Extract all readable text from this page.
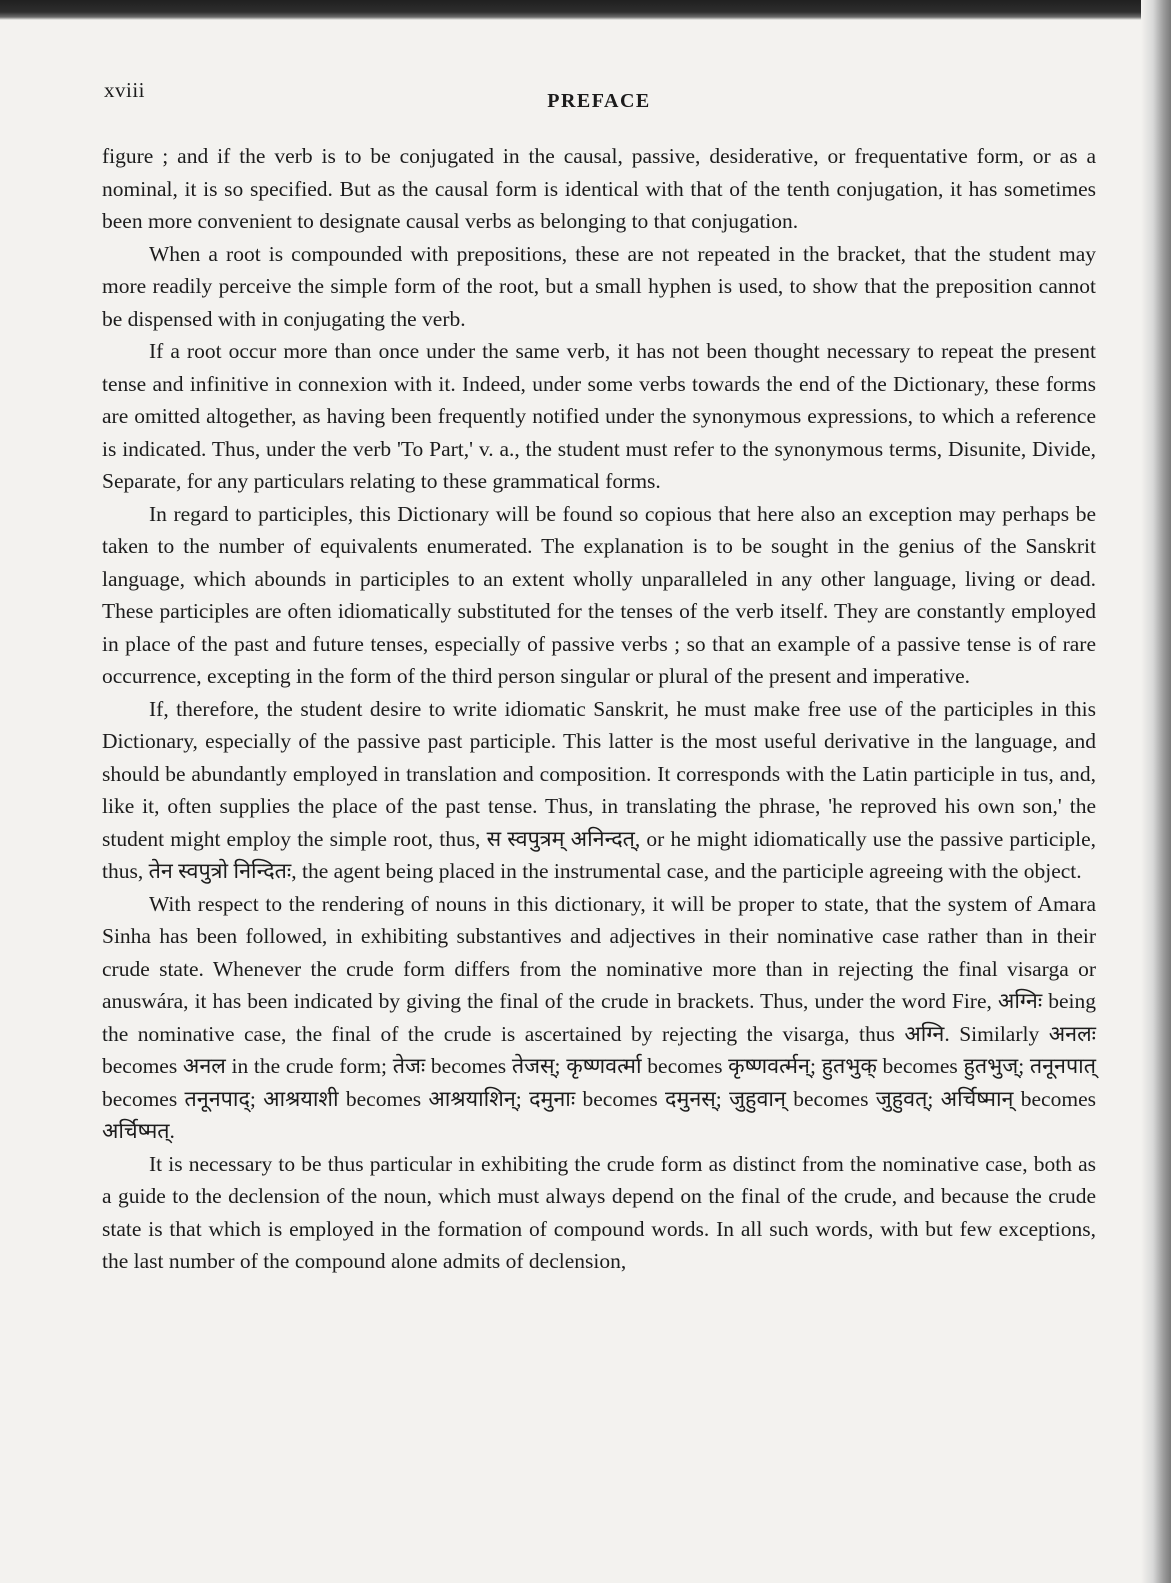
xviii	PREFACE

figure ; and if the verb is to be conjugated in the causal, passive, desiderative, or frequentative form, or as a nominal, it is so specified. But as the causal form is identical with that of the tenth conjugation, it has sometimes been more convenient to designate causal verbs as belonging to that conjugation.

When a root is compounded with prepositions, these are not repeated in the bracket, that the student may more readily perceive the simple form of the root, but a small hyphen is used, to show that the preposition cannot be dispensed with in conjugating the verb.

If a root occur more than once under the same verb, it has not been thought necessary to repeat the present tense and infinitive in connexion with it. Indeed, under some verbs towards the end of the Dictionary, these forms are omitted altogether, as having been frequently notified under the synonymous expressions, to which a reference is indicated. Thus, under the verb 'To Part,' v. a., the student must refer to the synonymous terms, Disunite, Divide, Separate, for any particulars relating to these grammatical forms.

In regard to participles, this Dictionary will be found so copious that here also an exception may perhaps be taken to the number of equivalents enumerated. The explanation is to be sought in the genius of the Sanskrit language, which abounds in participles to an extent wholly unparalleled in any other language, living or dead. These participles are often idiomatically substituted for the tenses of the verb itself. They are constantly employed in place of the past and future tenses, especially of passive verbs ; so that an example of a passive tense is of rare occurrence, excepting in the form of the third person singular or plural of the present and imperative.

If, therefore, the student desire to write idiomatic Sanskrit, he must make free use of the participles in this Dictionary, especially of the passive past participle. This latter is the most useful derivative in the language, and should be abundantly employed in translation and composition. It corresponds with the Latin participle in tus, and, like it, often supplies the place of the past tense. Thus, in translating the phrase, 'he reproved his own son,' the student might employ the simple root, thus, स स्वपुत्रम् अनिन्दत्, or he might idiomatically use the passive participle, thus, तेन स्वपुत्रो निन्दितः, the agent being placed in the instrumental case, and the participle agreeing with the object.

With respect to the rendering of nouns in this dictionary, it will be proper to state, that the system of Amara Sinha has been followed, in exhibiting substantives and adjectives in their nominative case rather than in their crude state. Whenever the crude form differs from the nominative more than in rejecting the final visarga or anuswára, it has been indicated by giving the final of the crude in brackets. Thus, under the word Fire, अग्निः being the nominative case, the final of the crude is ascertained by rejecting the visarga, thus अग्नि. Similarly अनलः becomes अनल in the crude form; तेजः becomes तेजस्; कृष्णवर्त्मा becomes कृष्णवर्त्मन्; हुतभुक् becomes हुतभुज्; तनूनपात् becomes तनूनपाद्; आश्रयाशी becomes आश्रयाशिन्; दमुनाः becomes दमुनस्; जुहुवान् becomes जुहुवत्; अर्चिष्मान् becomes अर्चिष्मत्.

It is necessary to be thus particular in exhibiting the crude form as distinct from the nominative case, both as a guide to the declension of the noun, which must always depend on the final of the crude, and because the crude state is that which is employed in the formation of compound words. In all such words, with but few exceptions, the last number of the compound alone admits of declension,
